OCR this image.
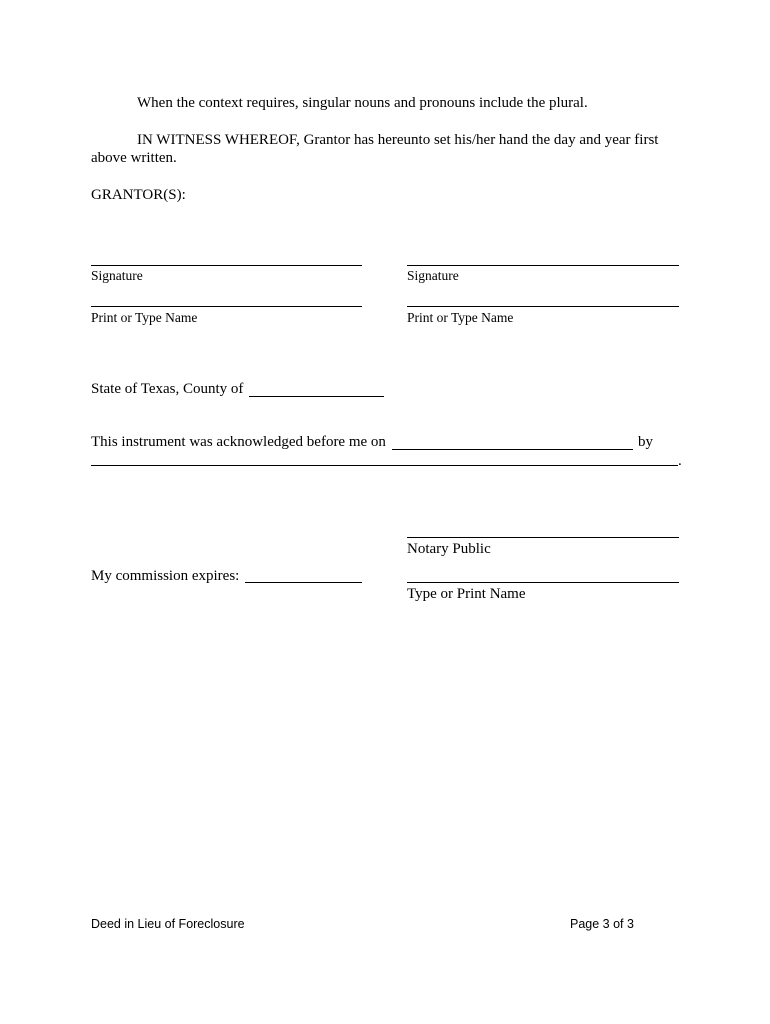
When the context requires, singular nouns and pronouns include the plural.
IN WITNESS WHEREOF, Grantor has hereunto set his/her hand the day and year first
above written.
GRANTOR(S):
Signature
Print or Type Name
Signature
Print or Type Name
State of Texas, County of
This instrument was acknowledged before me on	by
.
Notary Public
My commission expires:
Type or Print Name
Deed in Lieu of Foreclosure	Page 3 of 3
